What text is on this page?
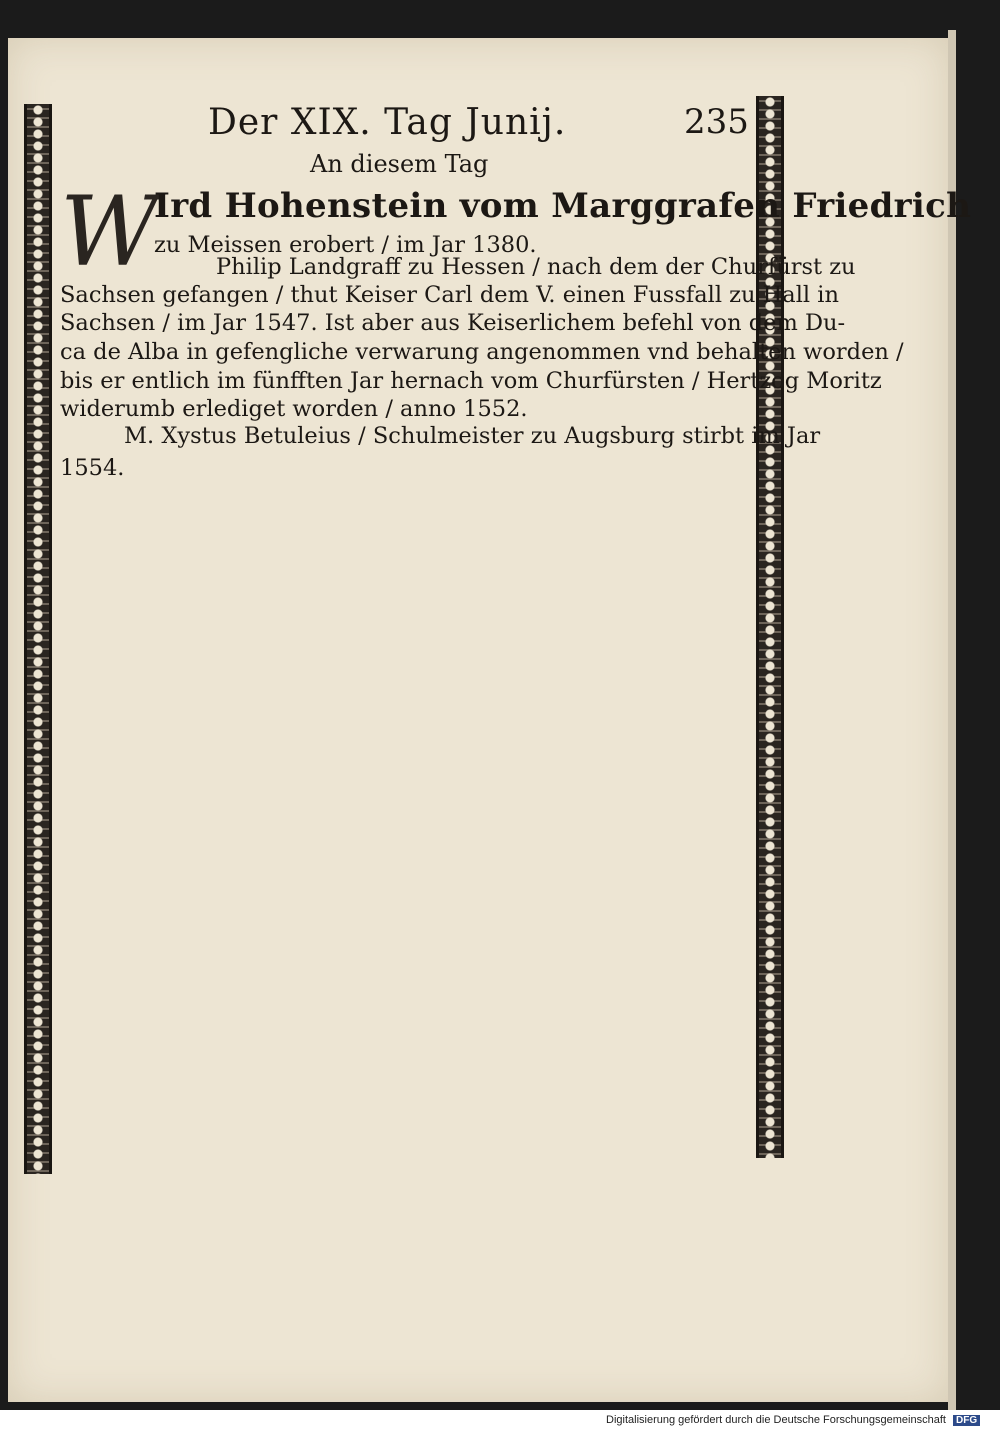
Der XIX. Tag Junij.	235
An diesem Tag
W
Ird Hohenstein vom Marggrafen Friedrich
zu Meissen erobert / im Jar 1380.
Philip Landgraff zu Hessen / nach dem der Churfürst zu
Sachsen gefangen / thut Keiser Carl dem V. einen Fussfall zu Hall in
Sachsen / im Jar 1547. Ist aber aus Keiserlichem befehl von dem Du-
ca de Alba in gefengliche verwarung angenommen vnd behalten worden /
bis er entlich im fünfften Jar hernach vom Churfürsten / Hertzog Moritz
widerumb erlediget worden / anno 1552.
M. Xystus Betuleius / Schulmeister zu Augsburg stirbt im Jar
1554.
Digitalisierung gefördert durch die Deutsche Forschungsgemeinschaft DFG
